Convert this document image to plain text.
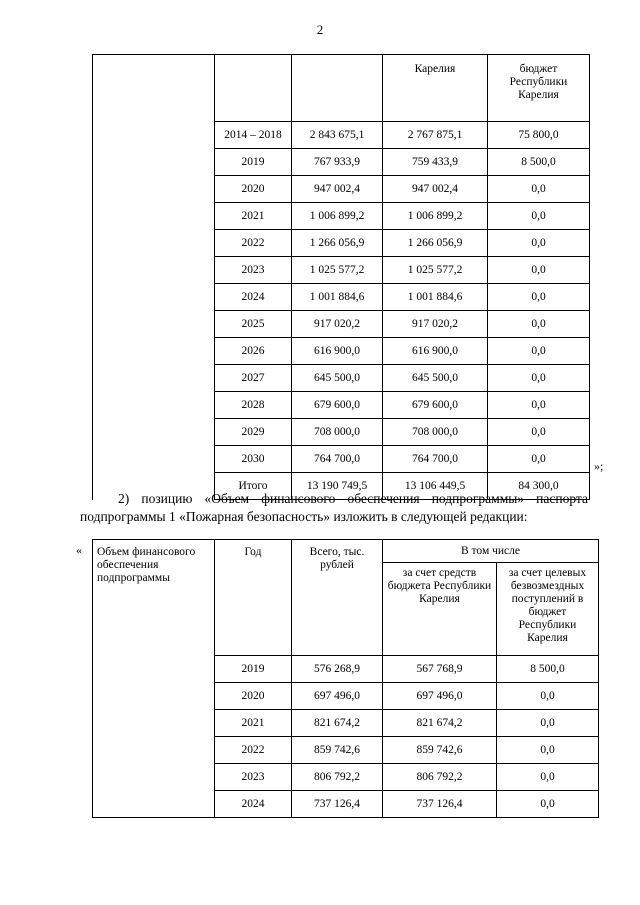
2
			Карелия	бюджет Республики Карелия
	2014 – 2018	2 843 675,1	2 767 875,1	75 800,0
	2019	767 933,9	759 433,9	8 500,0
	2020	947 002,4	947 002,4	0,0
	2021	1 006 899,2	1 006 899,2	0,0
	2022	1 266 056,9	1 266 056,9	0,0
	2023	1 025 577,2	1 025 577,2	0,0
	2024	1 001 884,6	1 001 884,6	0,0
	2025	917 020,2	917 020,2	0,0
	2026	616 900,0	616 900,0	0,0
	2027	645 500,0	645 500,0	0,0
	2028	679 600,0	679 600,0	0,0
	2029	708 000,0	708 000,0	0,0
	2030	764 700,0	764 700,0	0,0
	Итого	13 190 749,5	13 106 449,5	84 300,0
»;
2) позицию «Объем финансового обеспечения подпрограммы» паспорта подпрограммы 1 «Пожарная безопасность» изложить в следующей редакции:
« Объем финансового обеспечения подпрограммы	Год	Всего, тыс. рублей	В том числе	
			за счет средств бюджета Республики Карелия	за счет целевых безвозмездных поступлений в бюджет Республики Карелия
	2019	576 268,9	567 768,9	8 500,0
	2020	697 496,0	697 496,0	0,0
	2021	821 674,2	821 674,2	0,0
	2022	859 742,6	859 742,6	0,0
	2023	806 792,2	806 792,2	0,0
	2024	737 126,4	737 126,4	0,0
